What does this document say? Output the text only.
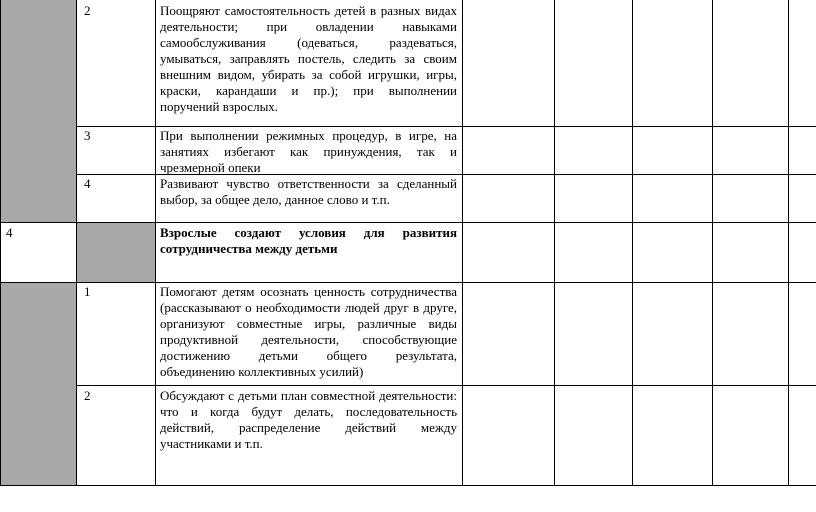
2	Поощряют самостоятельность детей в разных видах деятельности; при овладении навыками самообслуживания (одеваться, раздеваться, умываться, заправлять постель, следить за своим внешним видом, убирать за собой игрушки, игры, краски, карандаши и пр.); при выполнении поручений взрослых.
3	При выполнении режимных процедур, в игре, на занятиях избегают как принуждения, так и чрезмерной опеки
4	Развивают чувство ответственности за сделанный выбор, за общее дело, данное слово и т.п.
4	Взрослые создают условия для развития сотрудничества между детьми
1	Помогают детям осознать ценность сотрудничества (рассказывают о необходимости людей друг в друге, организуют совместные игры, различные виды продуктивной деятельности, способствующие достижению детьми общего результата, объединению коллективных усилий)
2	Обсуждают с детьми план совместной деятельности: что и когда будут делать, последовательность действий, распределение действий между участниками и т.п.
